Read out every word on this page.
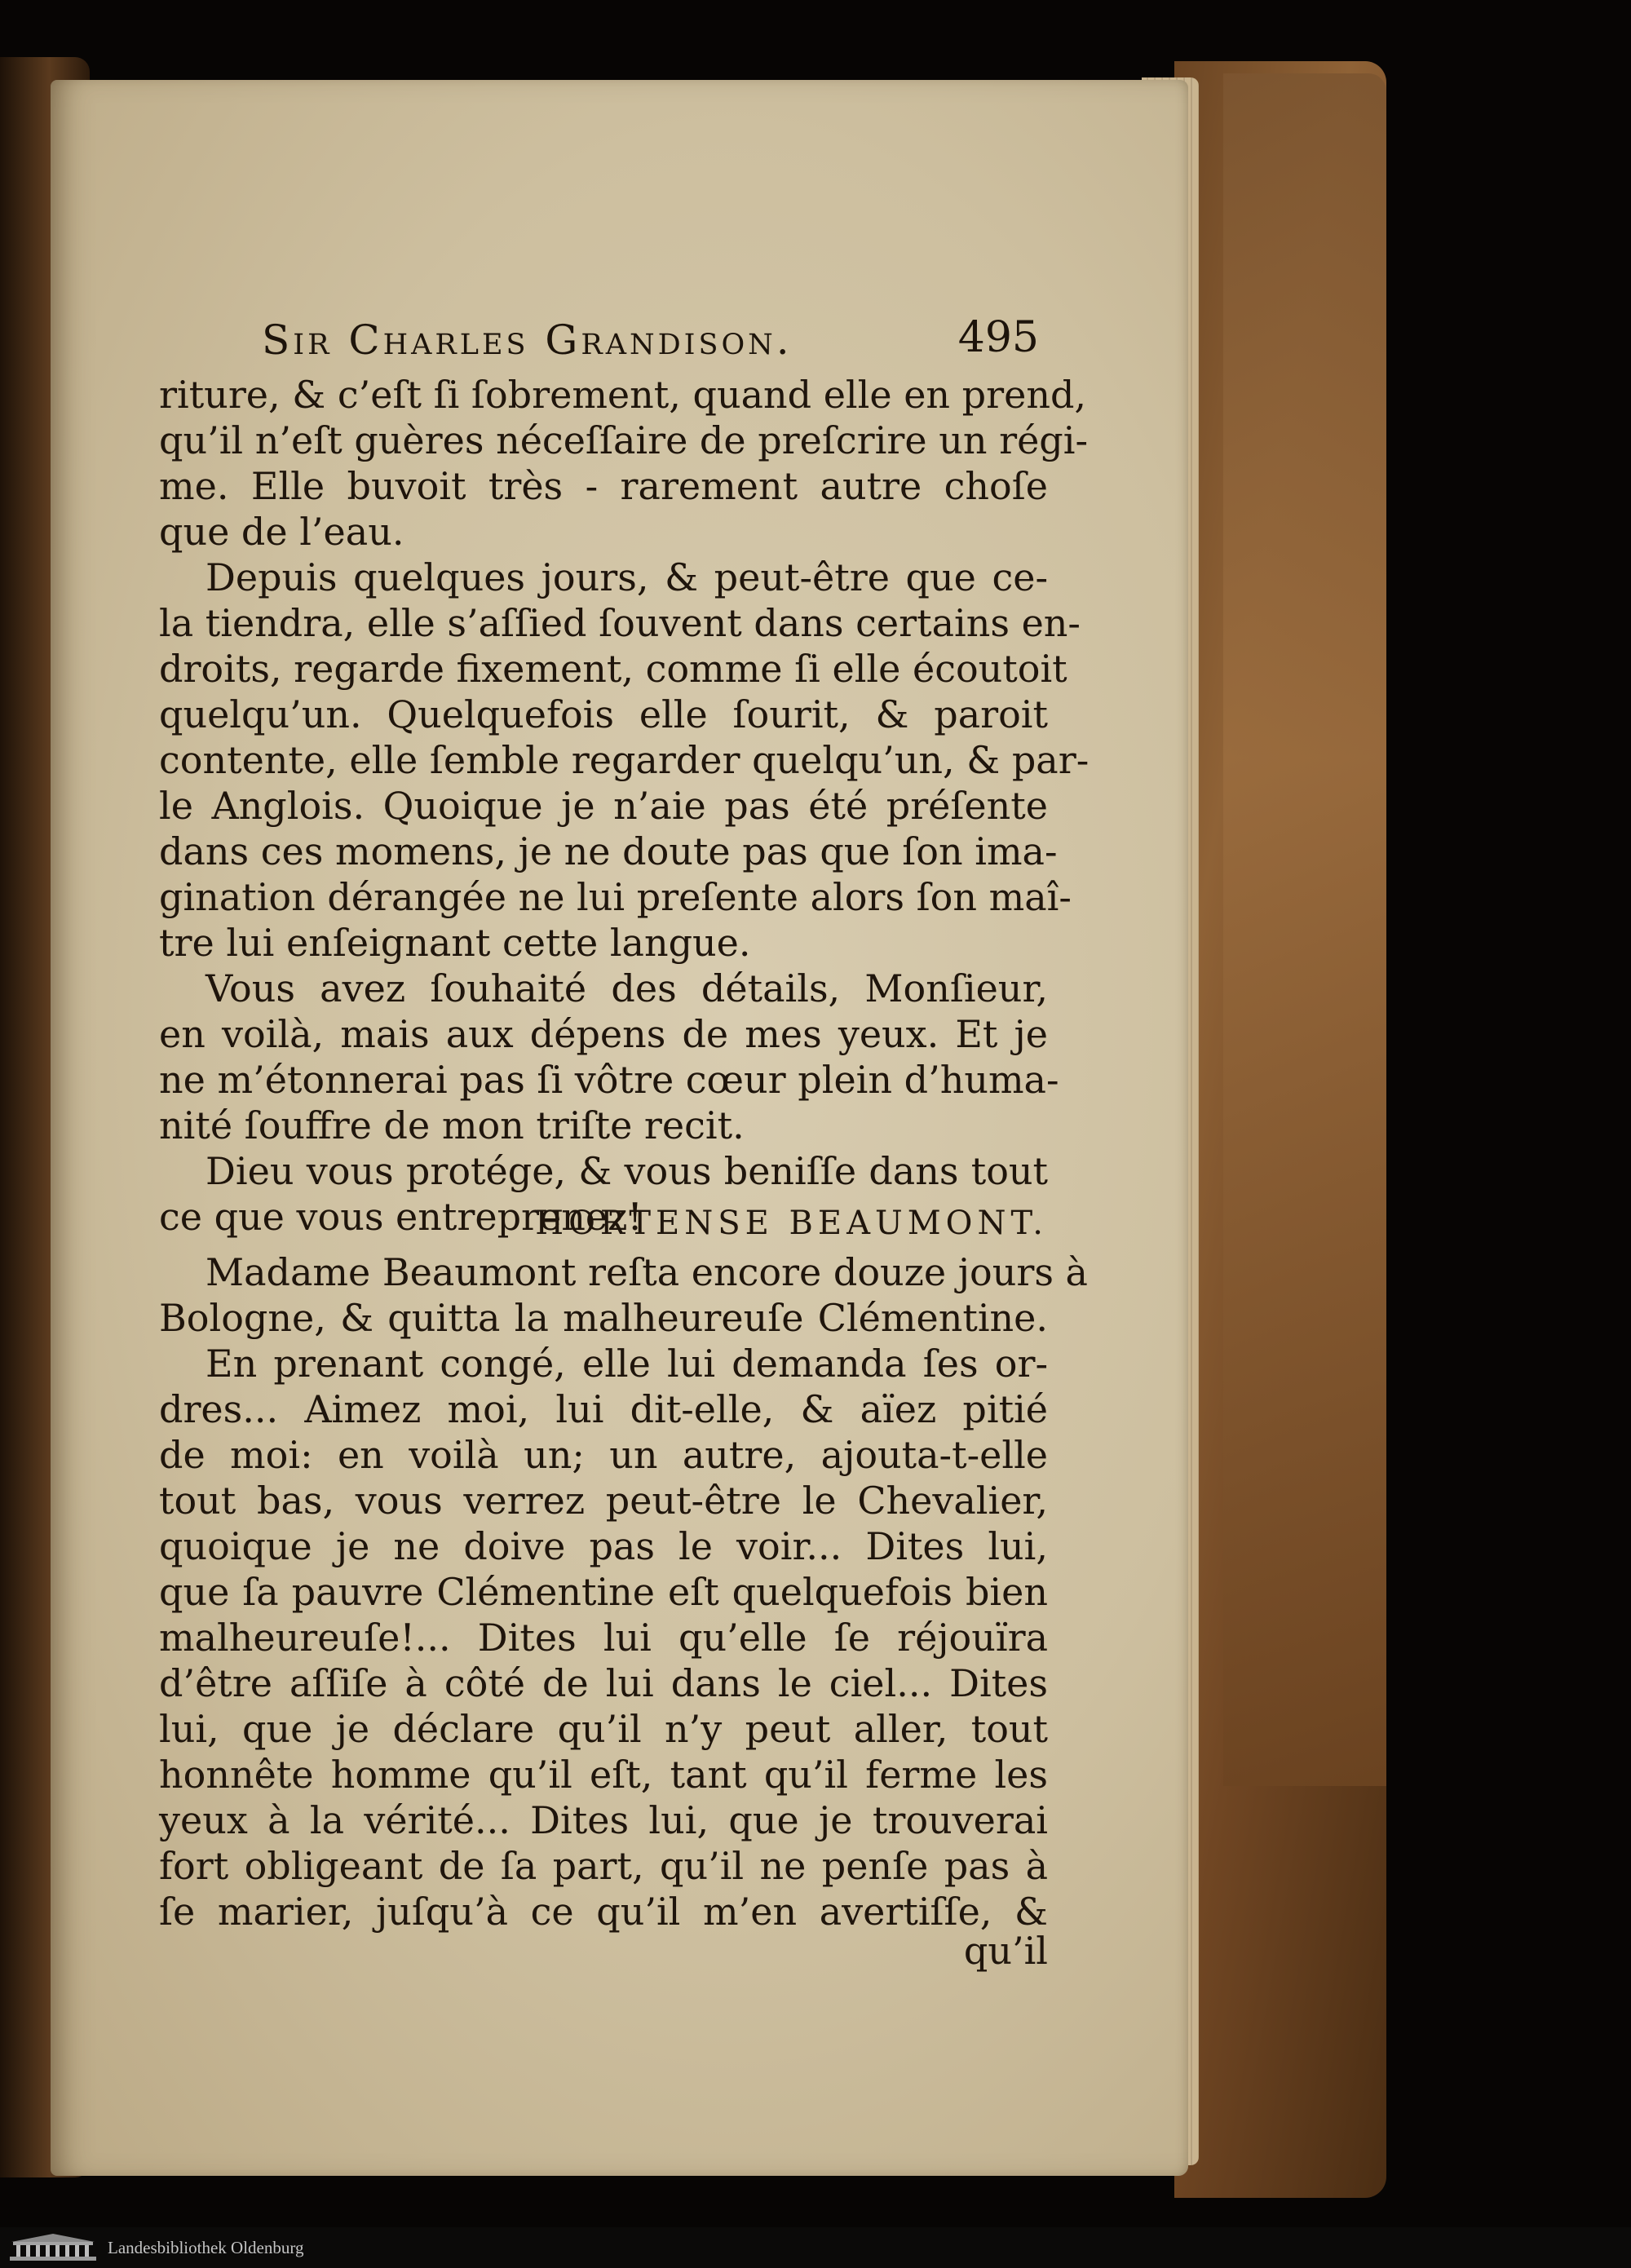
Sir Charles Grandison.	495
riture, & c’eſt ſi ſobrement, quand elle en prend,
qu’il n’eſt guères néceſſaire de preſcrire un régi-
me. Elle buvoit très - rarement autre choſe
que de l’eau.
Depuis quelques jours, & peut-être que ce-
la tiendra, elle s’aſſied ſouvent dans certains en-
droits, regarde fixement, comme ſi elle écoutoit
quelqu’un. Quelquefois elle ſourit, & paroit
contente, elle ſemble regarder quelqu’un, & par-
le Anglois. Quoique je n’aie pas été préſente
dans ces momens, je ne doute pas que ſon ima-
gination dérangée ne lui preſente alors ſon maî-
tre lui enſeignant cette langue.
Vous avez ſouhaité des détails, Monſieur,
en voilà, mais aux dépens de mes yeux. Et je
ne m’étonnerai pas ſi vôtre cœur plein d’huma-
nité ſouffre de mon triſte recit.
Dieu vous protége, & vous beniſſe dans tout
ce que vous entreprenez!
HORTENSE BEAUMONT.
Madame Beaumont reſta encore douze jours à
Bologne, & quitta la malheureuſe Clémentine.
En prenant congé, elle lui demanda ſes or-
dres... Aimez moi, lui dit-elle, & aïez pitié
de moi: en voilà un; un autre, ajouta-t-elle
tout bas, vous verrez peut-être le Chevalier,
quoique je ne doive pas le voir... Dites lui,
que ſa pauvre Clémentine eſt quelquefois bien
malheureuſe!... Dites lui qu’elle ſe réjouïra
d’être aſſiſe à côté de lui dans le ciel... Dites
lui, que je déclare qu’il n’y peut aller, tout
honnête homme qu’il eſt, tant qu’il ferme les
yeux à la vérité... Dites lui, que je trouverai
fort obligeant de ſa part, qu’il ne penſe pas à
ſe marier, juſqu’à ce qu’il m’en avertiſſe, &
qu’il
Landesbibliothek Oldenburg
